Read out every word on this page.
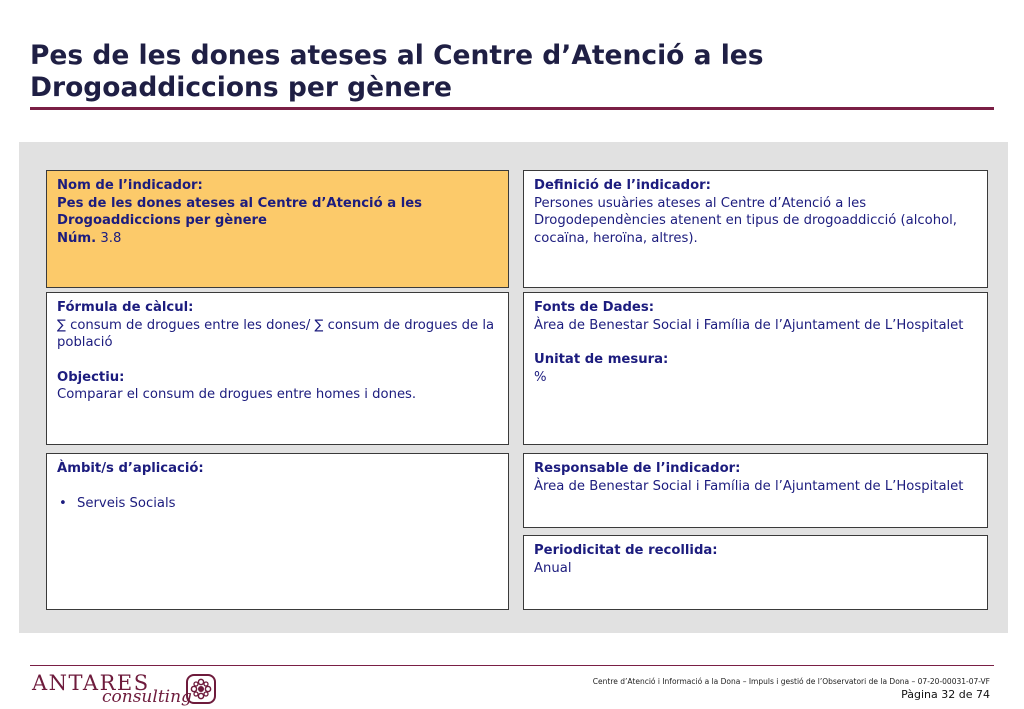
Pes de les dones ateses al Centre d’Atenció a les Drogoaddiccions per gènere
Nom de l’indicador:
Pes de les dones ateses al Centre d’Atenció a les Drogoaddiccions per gènere
Núm. 3.8
Definició de l’indicador:
Persones usuàries ateses al Centre d’Atenció a les Drogodependències atenent en tipus de drogoaddicció (alcohol, cocaïna, heroïna, altres).
Fórmula de càlcul:
∑ consum de drogues entre les dones/ ∑ consum de drogues de la població
Objectiu:
Comparar el consum de drogues entre homes i dones.
Fonts de Dades:
Àrea de Benestar Social i Família de l’Ajuntament de L’Hospitalet
Unitat de mesura:
%
Àmbit/s d’aplicació:
• Serveis Socials
Responsable de l’indicador:
Àrea de Benestar Social i Família de l’Ajuntament de L’Hospitalet
Periodicitat de recollida:
Anual
ANTARES
consulting
Centre d’Atenció i Informació a la Dona – Impuls i gestió de l’Observatori de la Dona – 07-20-00031-07-VF
Pàgina 32 de 74
